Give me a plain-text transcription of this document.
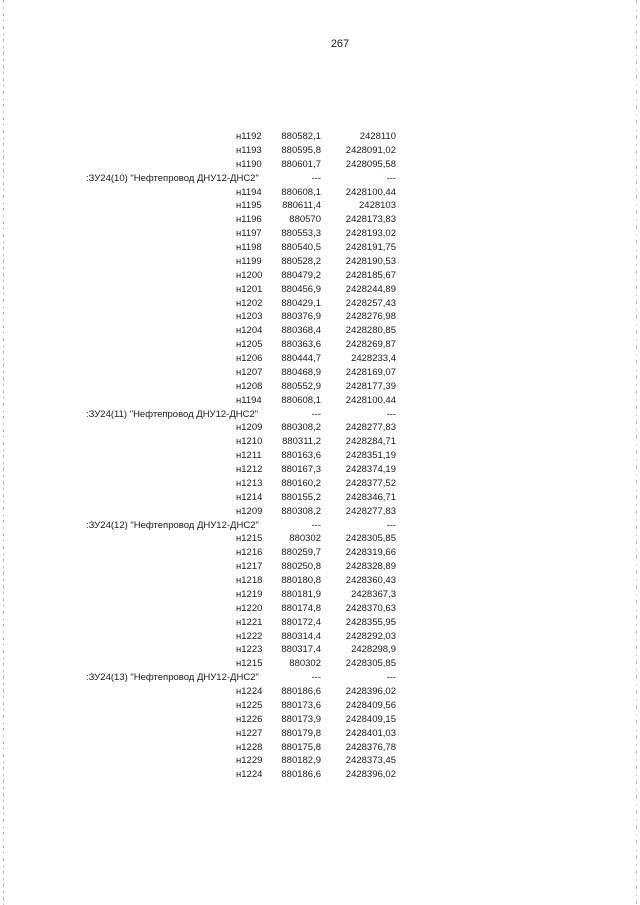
267
н1192	880582,1	2428110
н1193	880595,8	2428091,02
н1190	880601,7	2428095,58
:ЗУ24(10) "Нефтепровод ДНУ12-ДНС2"	---	---
н1194	880608,1	2428100,44
н1195	880611,4	2428103
н1196	880570	2428173,83
н1197	880553,3	2428193,02
н1198	880540,5	2428191,75
н1199	880528,2	2428190,53
н1200	880479,2	2428185,67
н1201	880456,9	2428244,89
н1202	880429,1	2428257,43
н1203	880376,9	2428276,98
н1204	880368,4	2428280,85
н1205	880363,6	2428269,87
н1206	880444,7	2428233,4
н1207	880468,9	2428169,07
н1208	880552,9	2428177,39
н1194	880608,1	2428100,44
:ЗУ24(11) "Нефтепровод ДНУ12-ДНС2"	---	---
н1209	880308,2	2428277,83
н1210	880311,2	2428284,71
н1211	880163,6	2428351,19
н1212	880167,3	2428374,19
н1213	880160,2	2428377,52
н1214	880155,2	2428346,71
н1209	880308,2	2428277,83
:ЗУ24(12) "Нефтепровод ДНУ12-ДНС2"	---	---
н1215	880302	2428305,85
н1216	880259,7	2428319,66
н1217	880250,8	2428328,89
н1218	880180,8	2428360,43
н1219	880181,9	2428367,3
н1220	880174,8	2428370,63
н1221	880172,4	2428355,95
н1222	880314,4	2428292,03
н1223	880317,4	2428298,9
н1215	880302	2428305,85
:ЗУ24(13) "Нефтепровод ДНУ12-ДНС2"	---	---
н1224	880186,6	2428396,02
н1225	880173,6	2428409,56
н1226	880173,9	2428409,15
н1227	880179,8	2428401,03
н1228	880175,8	2428376,78
н1229	880182,9	2428373,45
н1224	880186,6	2428396,02
